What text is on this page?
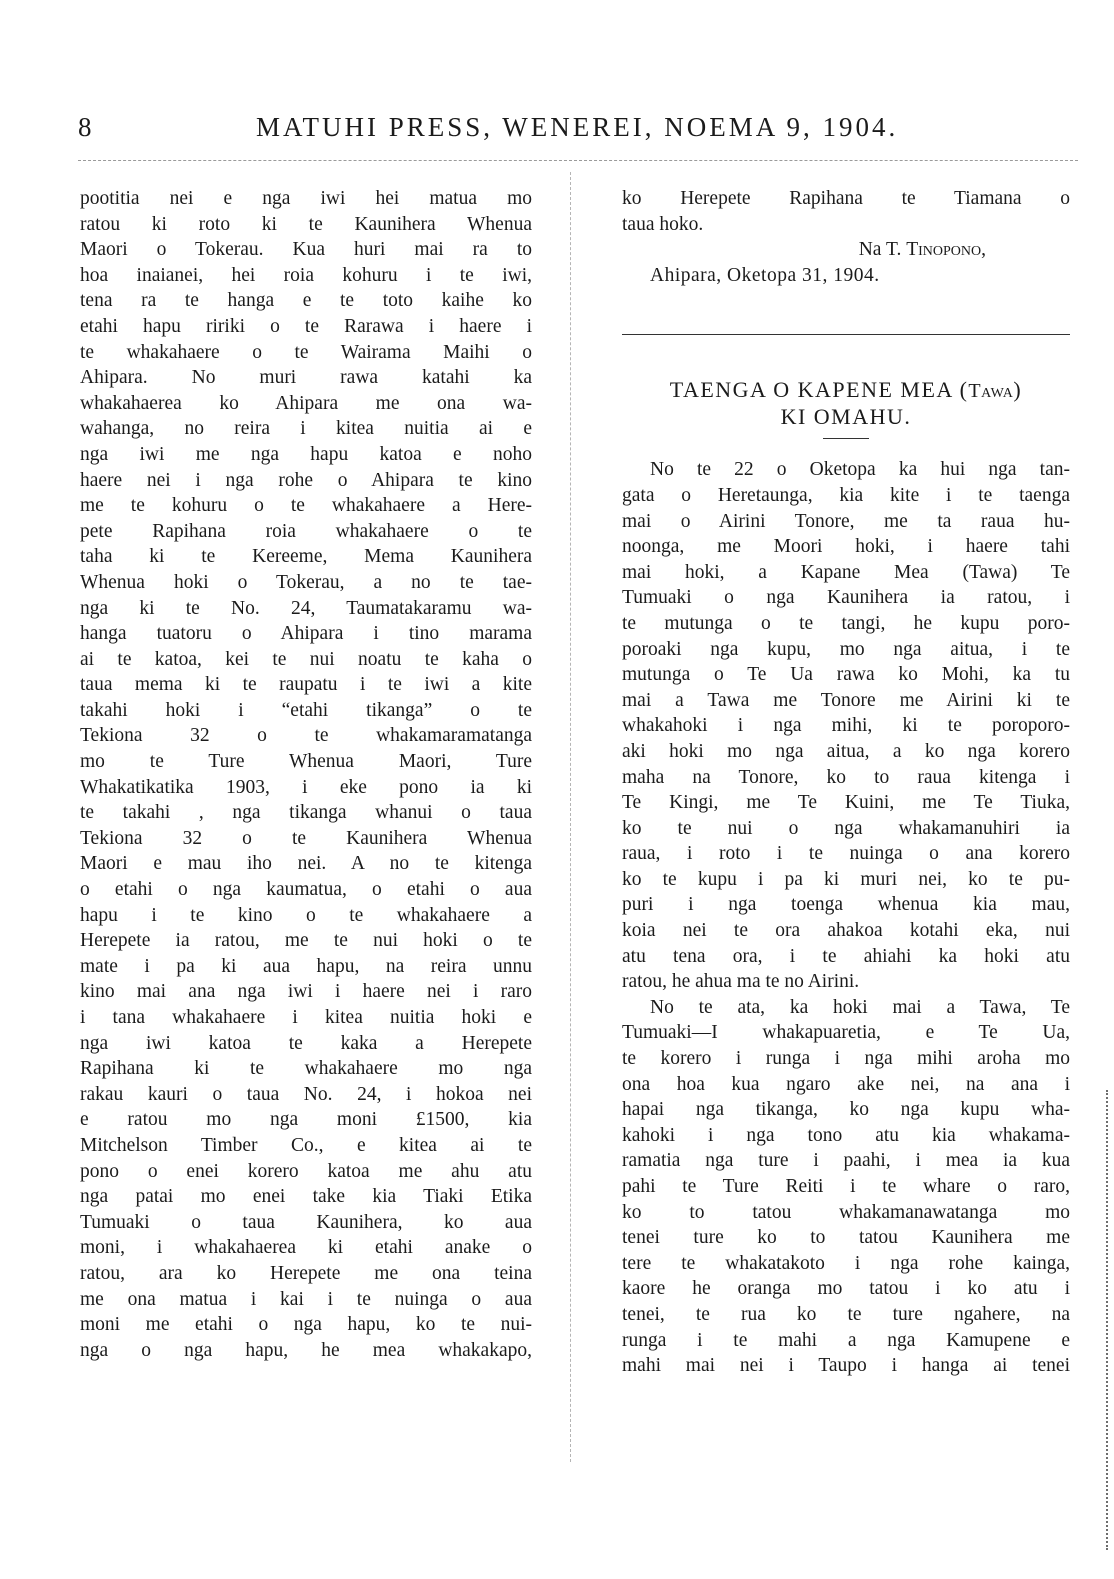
8	MATUHI PRESS, WENEREI, NOEMA 9, 1904.
pootitia nei e nga iwi hei matua mo
ratou ki roto ki te Kaunihera Whenua
Maori o Tokerau. Kua huri mai ra to
hoa inaianei, hei roia kohuru i te iwi,
tena ra te hanga e te toto kaihe ko
etahi hapu ririki o te Rarawa i haere i
te whakahaere o te Wairama Maihi o
Ahipara. No muri rawa katahi ka
whakahaerea ko Ahipara me ona wa-
wahanga, no reira i kitea nuitia ai e
nga iwi me nga hapu katoa e noho
haere nei i nga rohe o Ahipara te kino
me te kohuru o te whakahaere a Here-
pete Rapihana roia whakahaere o te
taha ki te Kereeme, Mema Kaunihera
Whenua hoki o Tokerau, a no te tae-
nga ki te No. 24, Taumatakaramu wa-
hanga tuatoru o Ahipara i tino marama
ai te katoa, kei te nui noatu te kaha o
taua mema ki te raupatu i te iwi a kite
takahi hoki i “etahi tikanga” o te
Tekiona 32 o te whakamaramatanga
mo te Ture Whenua Maori, Ture
Whakatikatika 1903, i eke pono ia ki
te takahi , nga tikanga whanui o taua
Tekiona 32 o te Kaunihera Whenua
Maori e mau iho nei. A no te kitenga
o etahi o nga kaumatua, o etahi o aua
hapu i te kino o te whakahaere a
Herepete ia ratou, me te nui hoki o te
mate i pa ki aua hapu, na reira unnu
kino mai ana nga iwi i haere nei i raro
i tana whakahaere i kitea nuitia hoki e
nga iwi katoa te kaka a Herepete
Rapihana ki te whakahaere mo nga
rakau kauri o taua No. 24, i hokoa nei
e ratou mo nga moni £1500, kia
Mitchelson Timber Co., e kitea ai te
pono o enei korero katoa me ahu atu
nga patai mo enei take kia Tiaki Etika
Tumuaki o taua Kaunihera, ko aua
moni, i whakahaerea ki etahi anake o
ratou, ara ko Herepete me ona teina
me ona matua i kai i te nuinga o aua
moni me etahi o nga hapu, ko te nui-
nga o nga hapu, he mea whakakapo,
ko Herepete Rapihana te Tiamana o
taua hoko.
Na T. Tinopono,
Ahipara, Oketopa 31, 1904.
TAENGA O KAPENE MEA (Tawa)
KI OMAHU.
No te 22 o Oketopa ka hui nga tan-
gata o Heretaunga, kia kite i te taenga
mai o Airini Tonore, me ta raua hu-
noonga, me Moori hoki, i haere tahi
mai hoki, a Kapane Mea (Tawa) Te
Tumuaki o nga Kaunihera ia ratou, i
te mutunga o te tangi, he kupu poro-
poroaki nga kupu, mo nga aitua, i te
mutunga o Te Ua rawa ko Mohi, ka tu
mai a Tawa me Tonore me Airini ki te
whakahoki i nga mihi, ki te poroporo-
aki hoki mo nga aitua, a ko nga korero
maha na Tonore, ko to raua kitenga i
Te Kingi, me Te Kuini, me Te Tiuka,
ko te nui o nga whakamanuhiri ia
raua, i roto i te nuinga o ana korero
ko te kupu i pa ki muri nei, ko te pu-
puri i nga toenga whenua kia mau,
koia nei te ora ahakoa kotahi eka, nui
atu tena ora, i te ahiahi ka hoki atu
ratou, he ahua ma te no Airini.
No te ata, ka hoki mai a Tawa, Te
Tumuaki—I whakapuaretia, e Te Ua,
te korero i runga i nga mihi aroha mo
ona hoa kua ngaro ake nei, na ana i
hapai nga tikanga, ko nga kupu wha-
kahoki i nga tono atu kia whakama-
ramatia nga ture i paahi, i mea ia kua
pahi te Ture Reiti i te whare o raro,
ko to tatou whakamanawatanga mo
tenei ture ko to tatou Kaunihera me
tere te whakatakoto i nga rohe kainga,
kaore he oranga mo tatou i ko atu i
tenei, te rua ko te ture ngahere, na
runga i te mahi a nga Kamupene e
mahi mai nei i Taupo i hanga ai tenei
